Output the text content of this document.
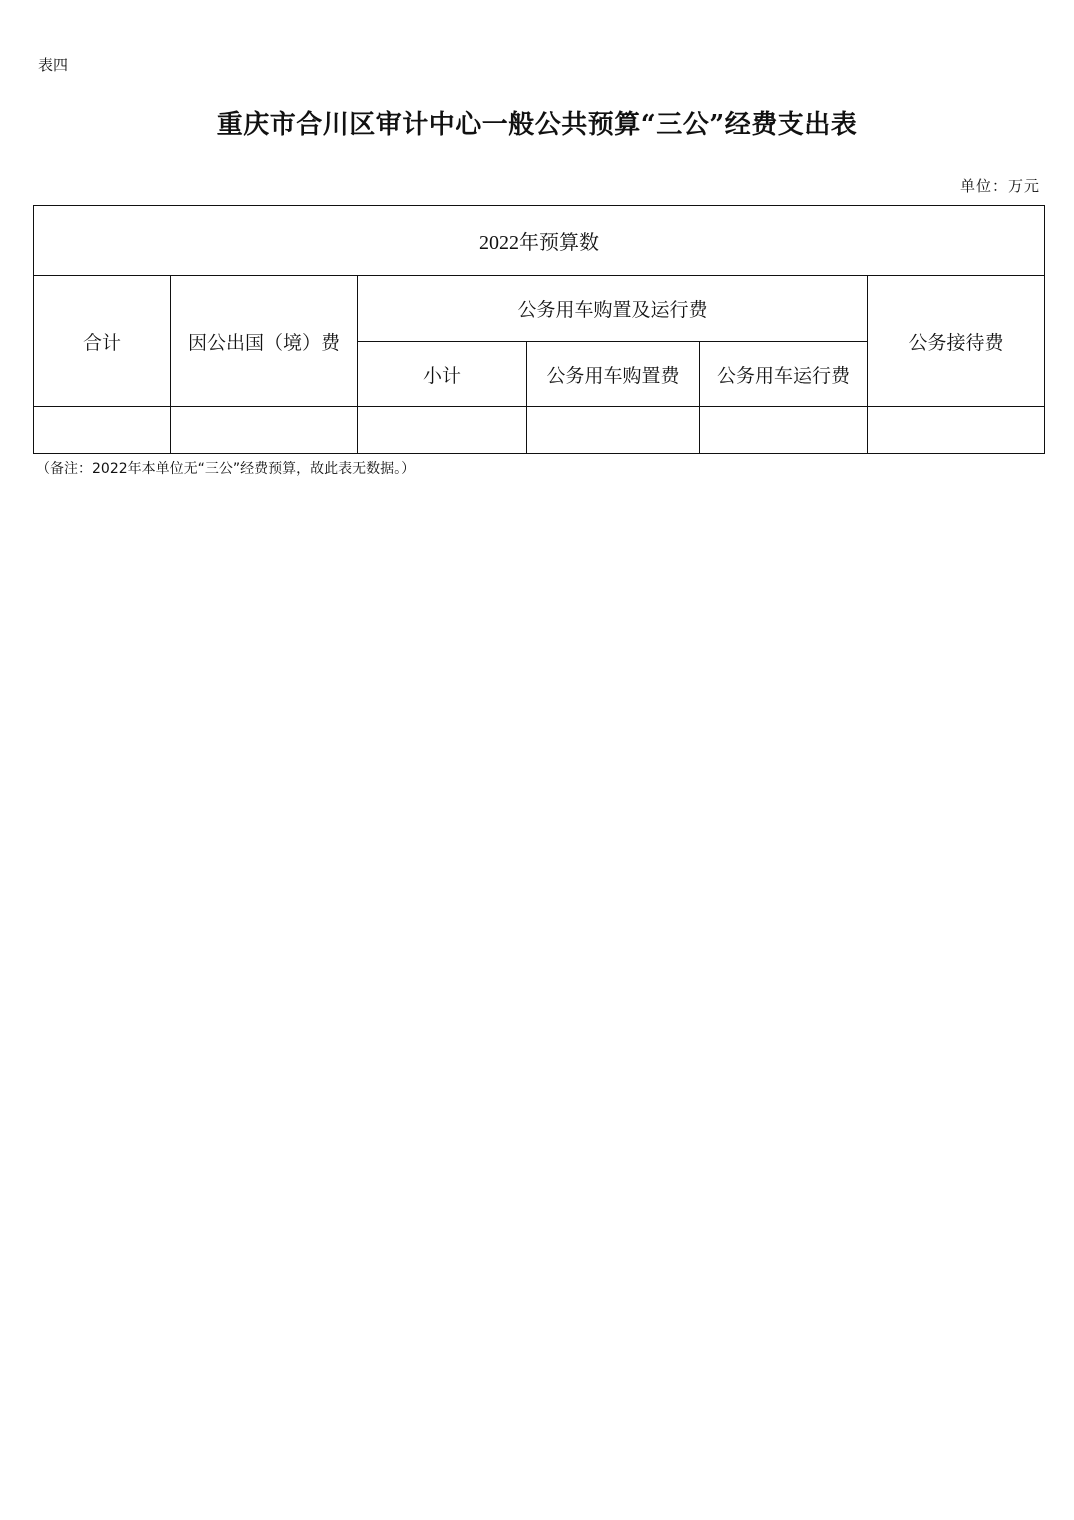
表四
重庆市合川区审计中心一般公共预算“三公”经费支出表
单位：万元
2022年预算数					
合计	因公出国（境）费	公务用车购置及运行费			公务接待费
		小计	公务用车购置费	公务用车运行费	

（备注：2022年本单位无“三公”经费预算，故此表无数据。）
